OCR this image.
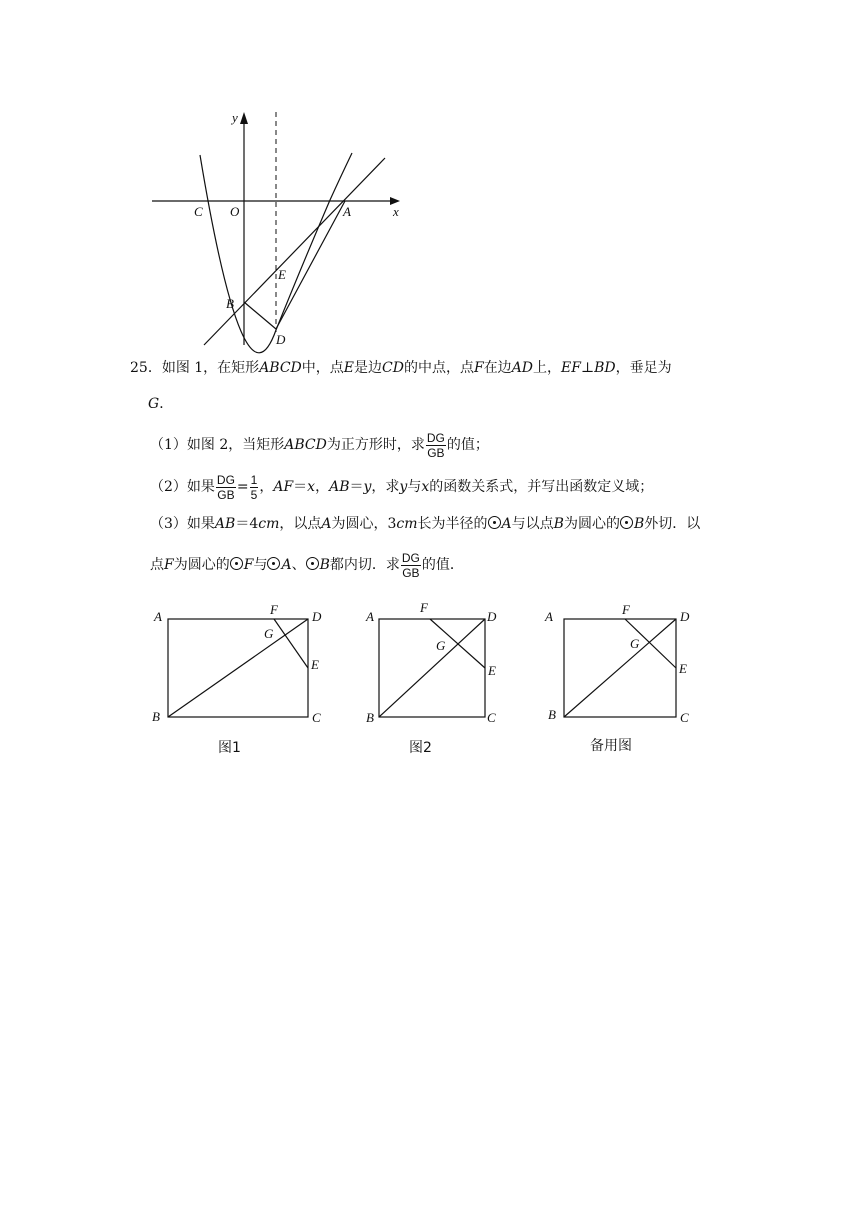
y
x
C O	A
E
B
D
25．如图 1，在矩形ABCD中，点E是边CD的中点，点F在边AD上，EF⊥BD，垂足为
G．
（1）如图 2，当矩形ABCD为正方形时，求 $\frac{DG}{GB}$ 的值；
（2）如果 $\frac{DG}{GB} = \frac{1}{5}$ ，AF＝x，AB＝y，求y与x的函数关系式，并写出函数定义域；
（3）如果AB＝4cm，以点A为圆心，3cm长为半径的 A与以点B为圆心的 B外切．以
点F为圆心的 F与 A、 B都内切．求 $\frac{DG}{GB}$ 的值．
A	F	D
G
E
B	C
图1
A
F
D
G
E
B	C
图2
A	F	D
G
E
B	C
备用图
